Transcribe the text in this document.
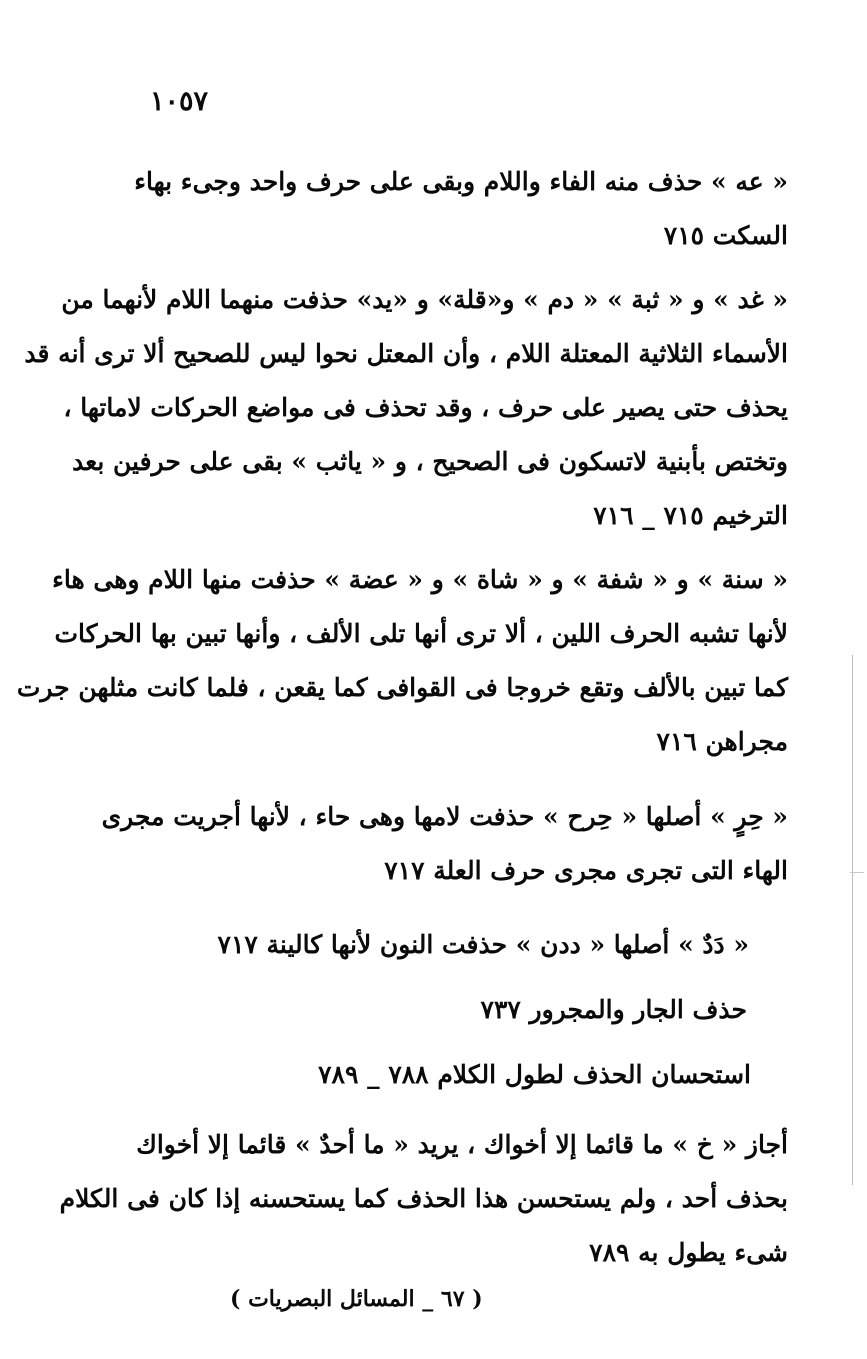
١٠٥٧
« عه » حذف منه الفاء واللام وبقى على حرف واحد وجىء بهاء
السكت ٧١٥
« غد » و « ثبة » « دم » و«قلة» و «يد» حذفت منهما اللام لأنهما من
الأسماء الثلاثية المعتلة اللام ، وأن المعتل نحوا ليس للصحيح ألا ترى أنه قد
يحذف حتى يصير على حرف ، وقد تحذف فى مواضع الحركات لاماتها ،
وتختص بأبنية لاتسكون فى الصحيح ، و « ياثب » بقى على حرفين بعد
الترخيم ٧١٥ _ ٧١٦
« سنة » و « شفة » و « شاة » و « عضة » حذفت منها اللام وهى هاء
لأنها تشبه الحرف اللين ، ألا ترى أنها تلى الألف ، وأنها تبين بها الحركات
كما تبين بالألف وتقع خروجا فى القوافى كما يقعن ، فلما كانت مثلهن جرت
مجراهن ٧١٦
« حِرٍ » أصلها « حِرح » حذفت لامها وهى حاء ، لأنها أجريت مجرى
الهاء التى تجرى مجرى حرف العلة ٧١٧
« دَدٌ » أصلها « ددن » حذفت النون لأنها كالينة ٧١٧
حذف الجار والمجرور ٧٣٧
استحسان الحذف لطول الكلام ٧٨٨ _ ٧٨٩
أجاز « خ » ما قائما إلا أخواك ، يريد « ما أحدٌ » قائما إلا أخواك
بحذف أحد ، ولم يستحسن هذا الحذف كما يستحسنه إذا كان فى الكلام
شىء يطول به ٧٨٩
( ٦٧ _ المسائل البصريات )
